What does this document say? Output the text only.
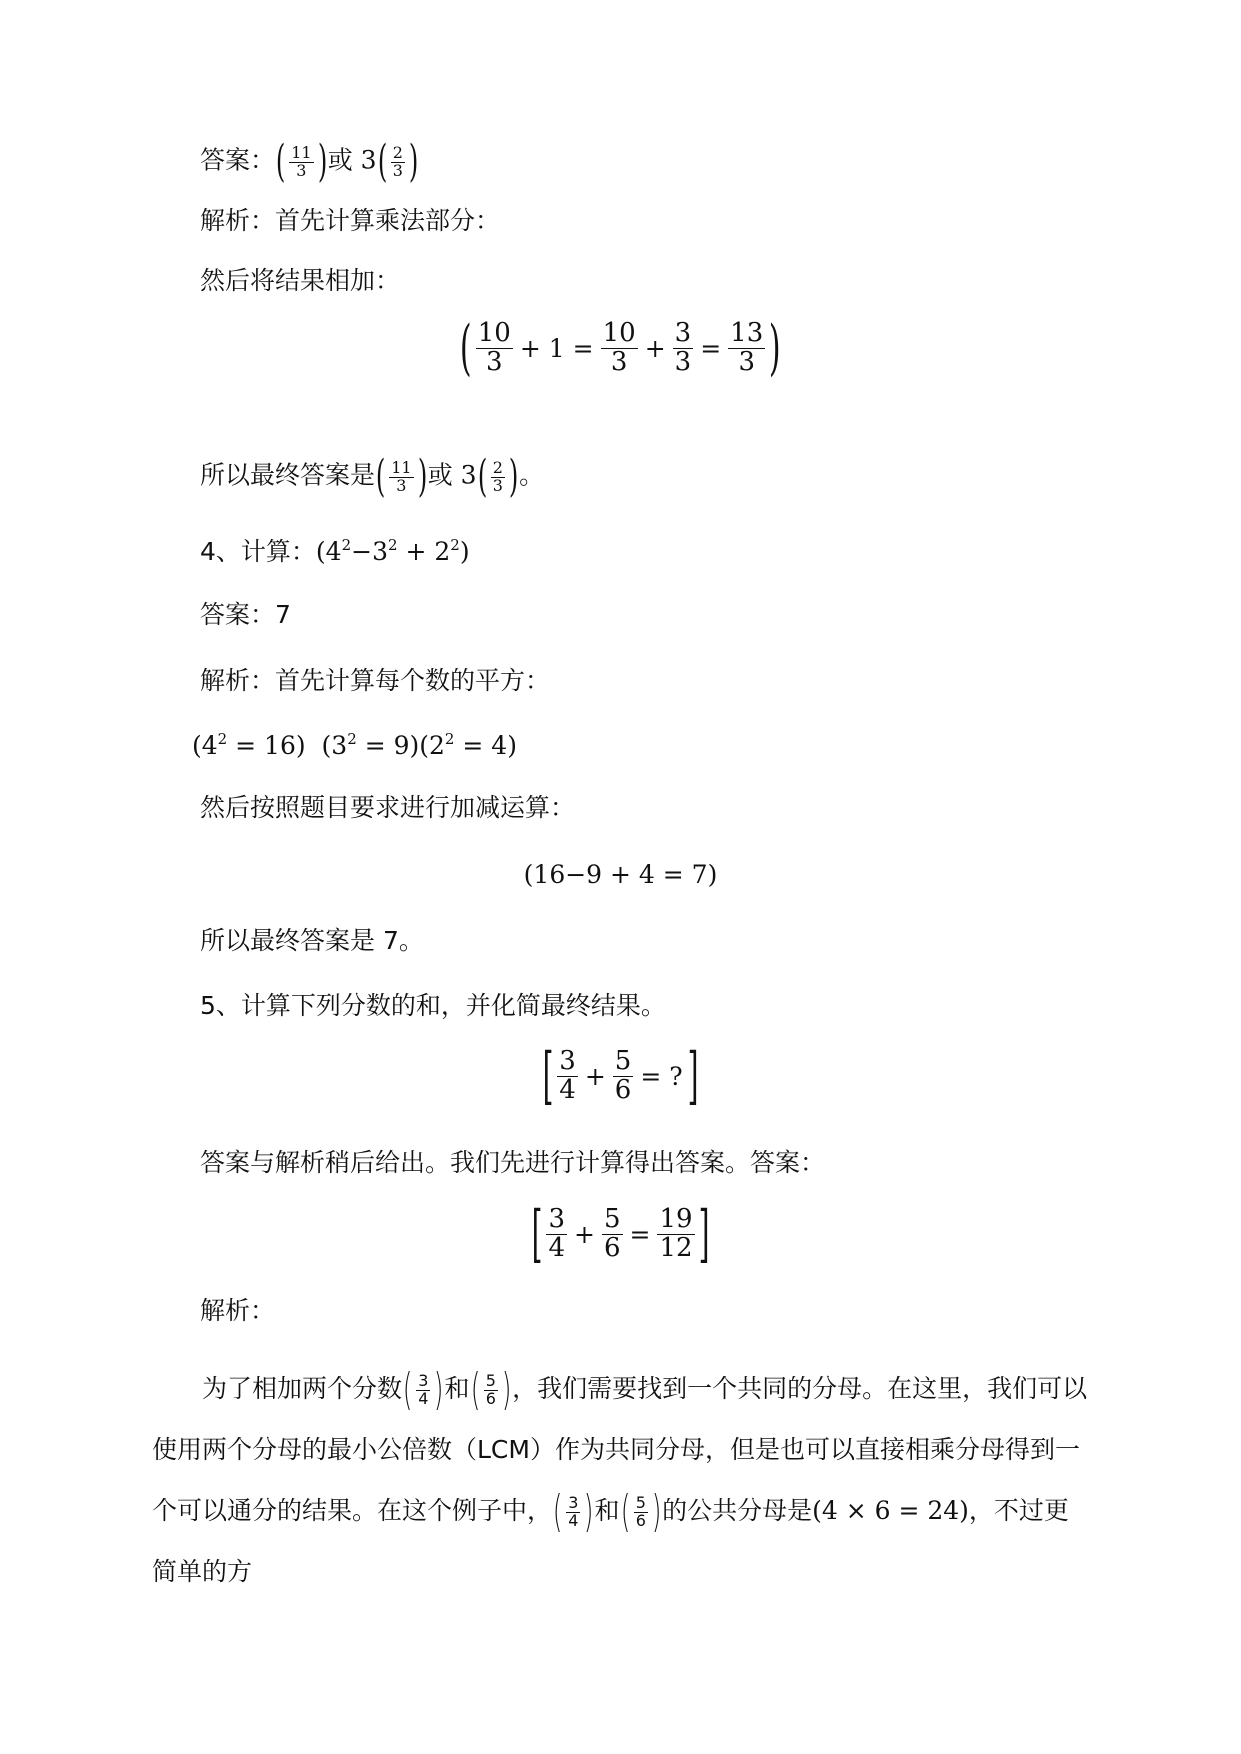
答案：( $\frac{11}{3}$ )或 $3( \frac{2}{3}$ )
解析：首先计算乘法部分：
然后将结果相加：
( $\frac{10}{3} + 1 = \frac{10}{3} + \frac{3}{3} = \frac{13}{3}$ )
所以最终答案是( $\frac{11}{3}$ )或 $3( \frac{2}{3}$ )。
4、计算：$(4^2-3^2 + 2^2)$
答案：7
解析：首先计算每个数的平方：
$(4^2 = 16) (3^2 = 9)(2^2 = 4)$
然后按照题目要求进行加减运算：
(16−9 + 4 = 7)
所以最终答案是 7。
5、计算下列分数的和，并化简最终结果。
[ $\frac{3}{4} + \frac{5}{6}$ = ?]
答案与解析稍后给出。我们先进行计算得出答案。答案：
[ $\frac{3}{4} + \frac{5}{6} = \frac{19}{12}$ ]
解析：
为了相加两个分数( $\frac{3}{4}$ )和( $\frac{5}{6}$ )，我们需要找到一个共同的分母。在这里，我们可以使用两个分母的最小公倍数（LCM）作为共同分母，但是也可以直接相乘分母得到一个可以通分的结果。在这个例子中，( $\frac{3}{4}$ )和( $\frac{5}{6}$ )的公共分母是(4 × 6 = 24)，不过更简单的方
